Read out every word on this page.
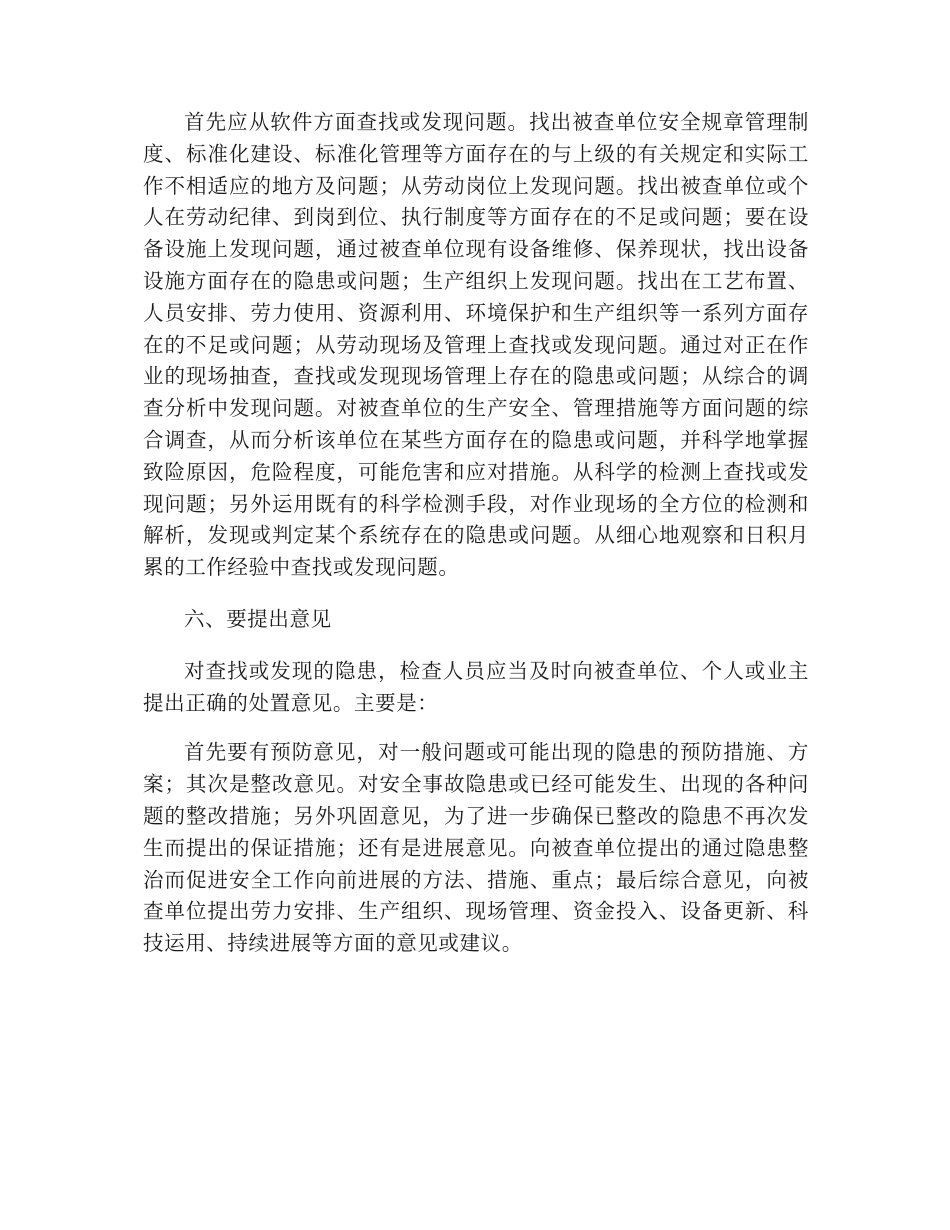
首先应从软件方面查找或发现问题。找出被查单位安全规章管理制度、标准化建设、标准化管理等方面存在的与上级的有关规定和实际工作不相适应的地方及问题；从劳动岗位上发现问题。找出被查单位或个人在劳动纪律、到岗到位、执行制度等方面存在的不足或问题；要在设备设施上发现问题，通过被查单位现有设备维修、保养现状，找出设备设施方面存在的隐患或问题；生产组织上发现问题。找出在工艺布置、人员安排、劳力使用、资源利用、环境保护和生产组织等一系列方面存在的不足或问题；从劳动现场及管理上查找或发现问题。通过对正在作业的现场抽查，查找或发现现场管理上存在的隐患或问题；从综合的调查分析中发现问题。对被查单位的生产安全、管理措施等方面问题的综合调查，从而分析该单位在某些方面存在的隐患或问题，并科学地掌握致险原因，危险程度，可能危害和应对措施。从科学的检测上查找或发现问题；另外运用既有的科学检测手段，对作业现场的全方位的检测和解析，发现或判定某个系统存在的隐患或问题。从细心地观察和日积月累的工作经验中查找或发现问题。

六、要提出意见

对查找或发现的隐患，检查人员应当及时向被查单位、个人或业主提出正确的处置意见。主要是：

首先要有预防意见，对一般问题或可能出现的隐患的预防措施、方案；其次是整改意见。对安全事故隐患或已经可能发生、出现的各种问题的整改措施；另外巩固意见，为了进一步确保已整改的隐患不再次发生而提出的保证措施；还有是进展意见。向被查单位提出的通过隐患整治而促进安全工作向前进展的方法、措施、重点；最后综合意见，向被查单位提出劳力安排、生产组织、现场管理、资金投入、设备更新、科技运用、持续进展等方面的意见或建议。
